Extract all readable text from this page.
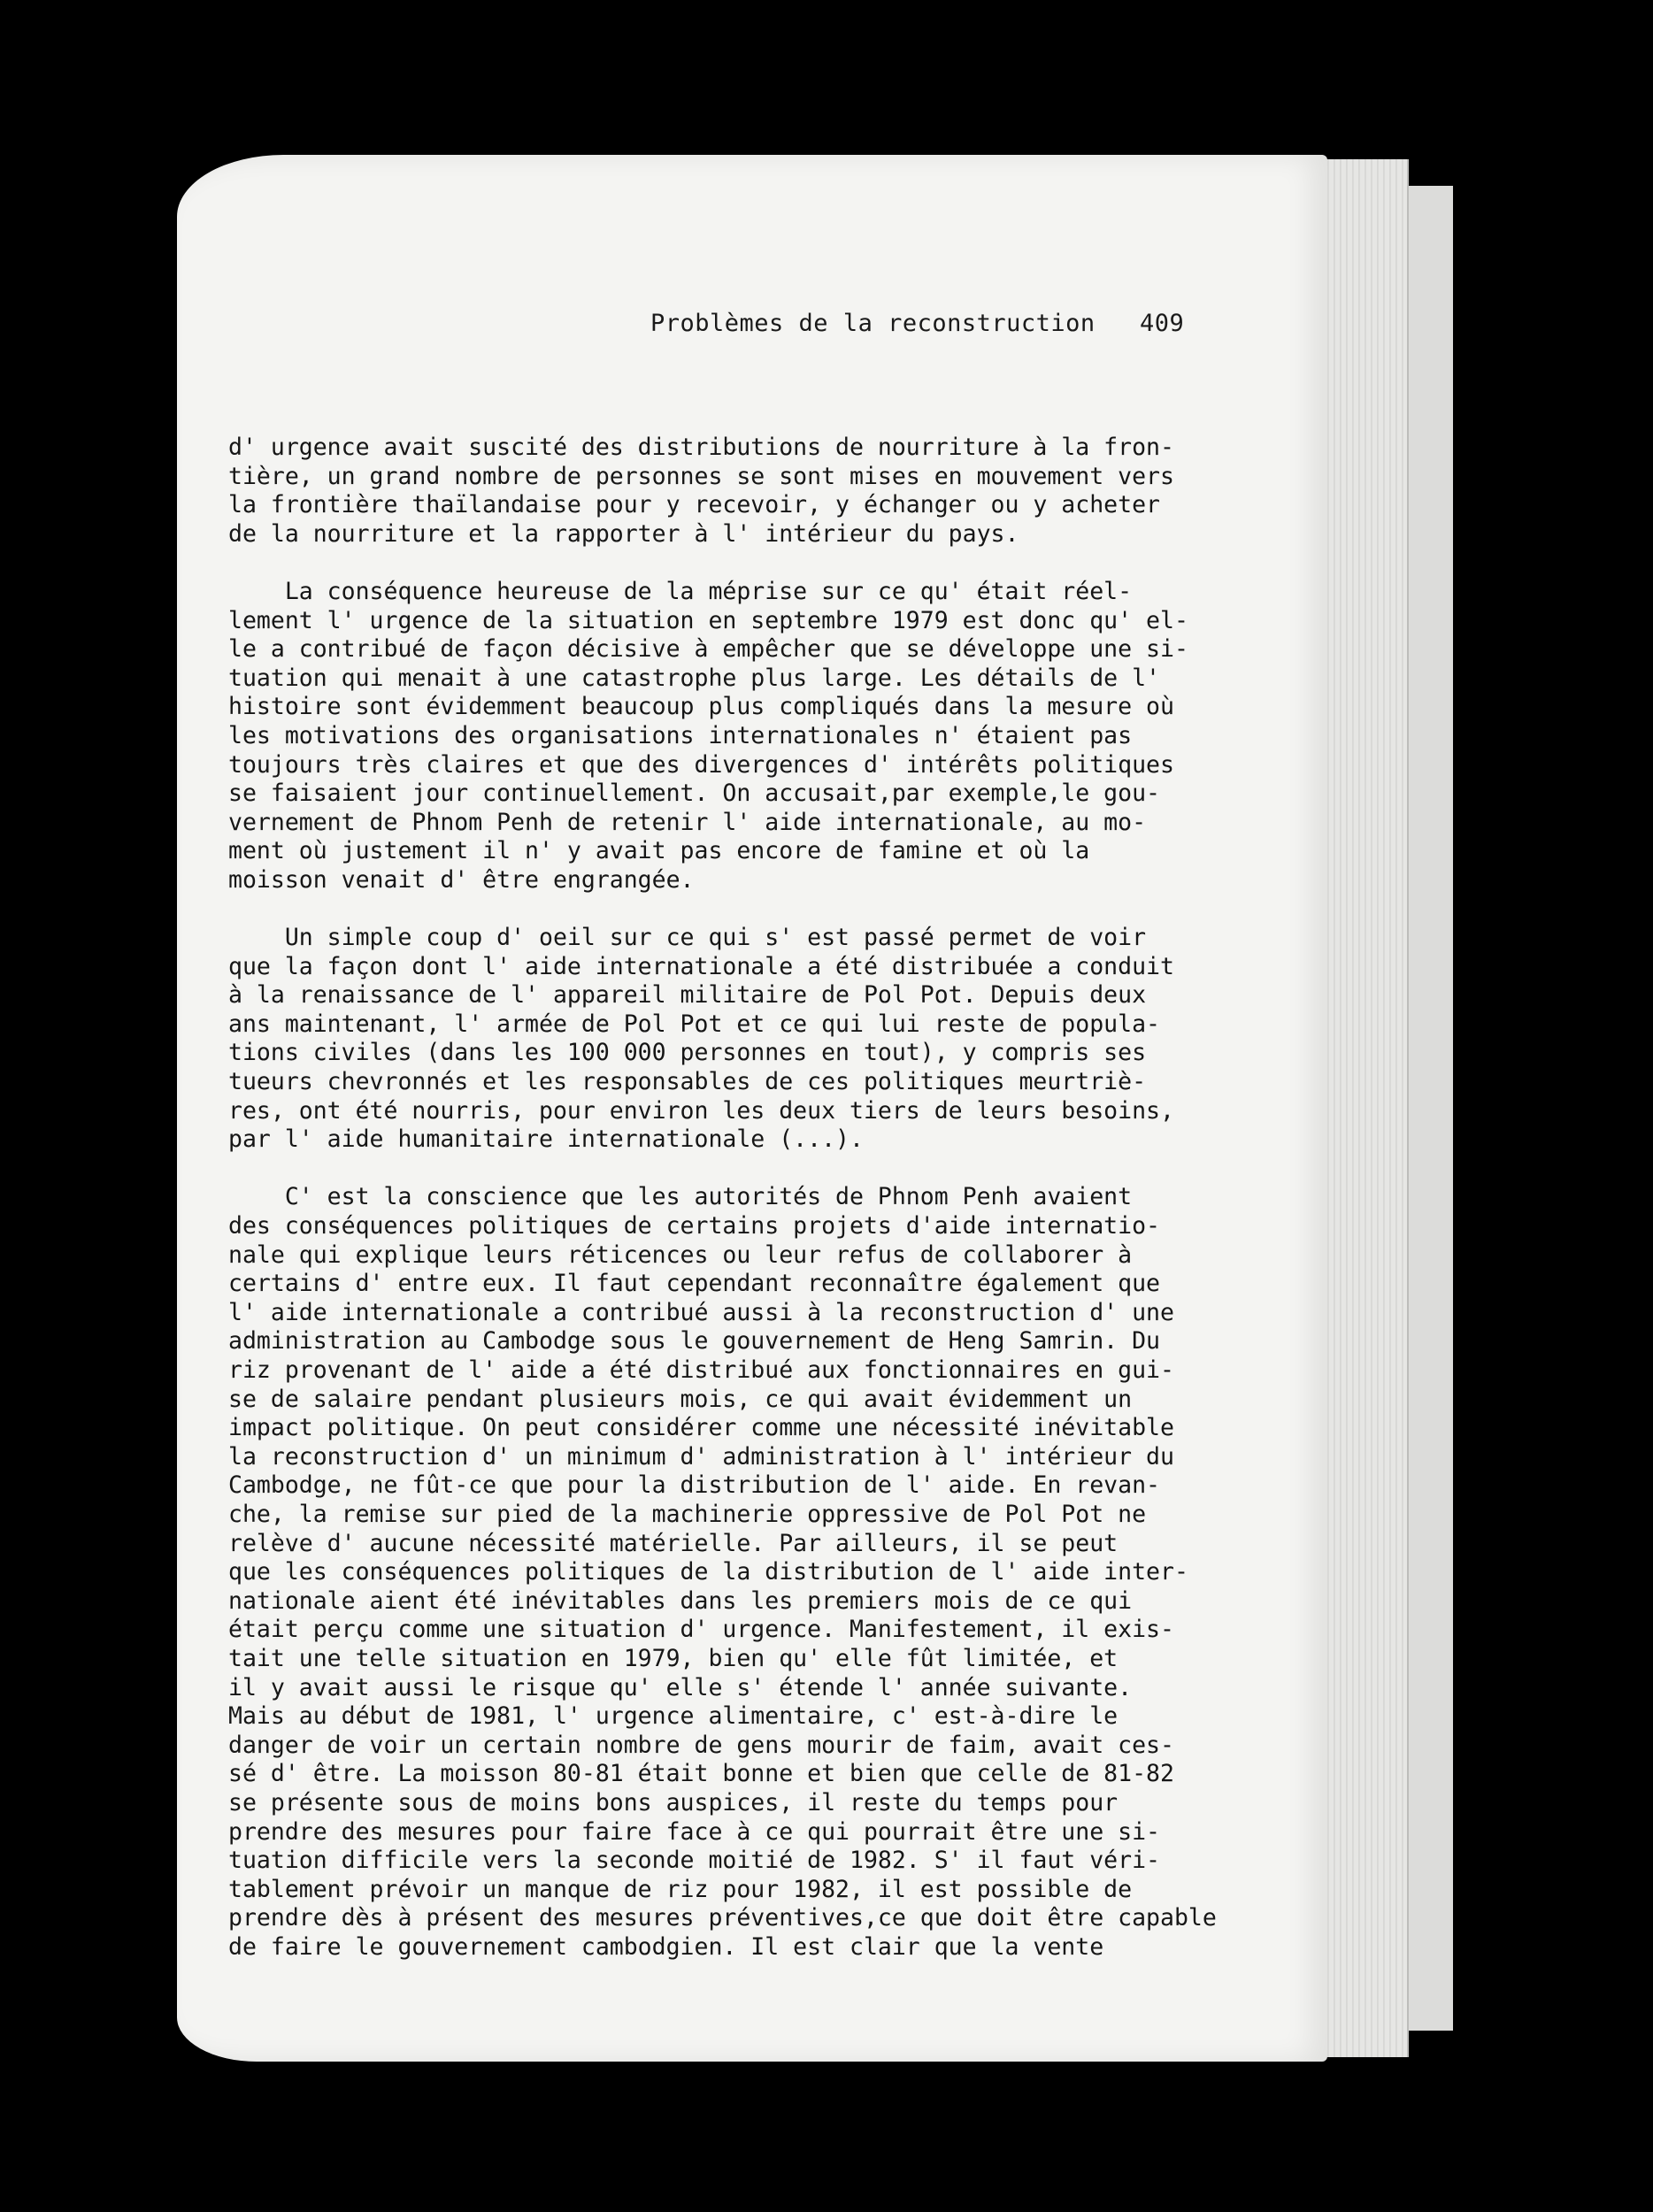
Problèmes de la reconstruction 409
d' urgence avait suscité des distributions de nourriture à la fron-
tière, un grand nombre de personnes se sont mises en mouvement vers
la frontière thaïlandaise pour y recevoir, y échanger ou y acheter
de la nourriture et la rapporter à l' intérieur du pays.
La conséquence heureuse de la méprise sur ce qu' était réel-
lement l' urgence de la situation en septembre 1979 est donc qu' el-
le a contribué de façon décisive à empêcher que se développe une si-
tuation qui menait à une catastrophe plus large. Les détails de l'
histoire sont évidemment beaucoup plus compliqués dans la mesure où
les motivations des organisations internationales n' étaient pas
toujours très claires et que des divergences d' intérêts politiques
se faisaient jour continuellement. On accusait,par exemple,le gou-
vernement de Phnom Penh de retenir l' aide internationale, au mo-
ment où justement il n' y avait pas encore de famine et où la
moisson venait d' être engrangée.
Un simple coup d' oeil sur ce qui s' est passé permet de voir
que la façon dont l' aide internationale a été distribuée a conduit
à la renaissance de l' appareil militaire de Pol Pot. Depuis deux
ans maintenant, l' armée de Pol Pot et ce qui lui reste de popula-
tions civiles (dans les 100 000 personnes en tout), y compris ses
tueurs chevronnés et les responsables de ces politiques meurtriè-
res, ont été nourris, pour environ les deux tiers de leurs besoins,
par l' aide humanitaire internationale (...).
C' est la conscience que les autorités de Phnom Penh avaient
des conséquences politiques de certains projets d'aide internatio-
nale qui explique leurs réticences ou leur refus de collaborer à
certains d' entre eux. Il faut cependant reconnaître également que
l' aide internationale a contribué aussi à la reconstruction d' une
administration au Cambodge sous le gouvernement de Heng Samrin. Du
riz provenant de l' aide a été distribué aux fonctionnaires en gui-
se de salaire pendant plusieurs mois, ce qui avait évidemment un
impact politique. On peut considérer comme une nécessité inévitable
la reconstruction d' un minimum d' administration à l' intérieur du
Cambodge, ne fût-ce que pour la distribution de l' aide. En revan-
che, la remise sur pied de la machinerie oppressive de Pol Pot ne
relève d' aucune nécessité matérielle. Par ailleurs, il se peut
que les conséquences politiques de la distribution de l' aide inter-
nationale aient été inévitables dans les premiers mois de ce qui
était perçu comme une situation d' urgence. Manifestement, il exis-
tait une telle situation en 1979, bien qu' elle fût limitée, et
il y avait aussi le risque qu' elle s' étende l' année suivante.
Mais au début de 1981, l' urgence alimentaire, c' est-à-dire le
danger de voir un certain nombre de gens mourir de faim, avait ces-
sé d' être. La moisson 80-81 était bonne et bien que celle de 81-82
se présente sous de moins bons auspices, il reste du temps pour
prendre des mesures pour faire face à ce qui pourrait être une si-
tuation difficile vers la seconde moitié de 1982. S' il faut véri-
tablement prévoir un manque de riz pour 1982, il est possible de
prendre dès à présent des mesures préventives,ce que doit être capable
de faire le gouvernement cambodgien. Il est clair que la vente
